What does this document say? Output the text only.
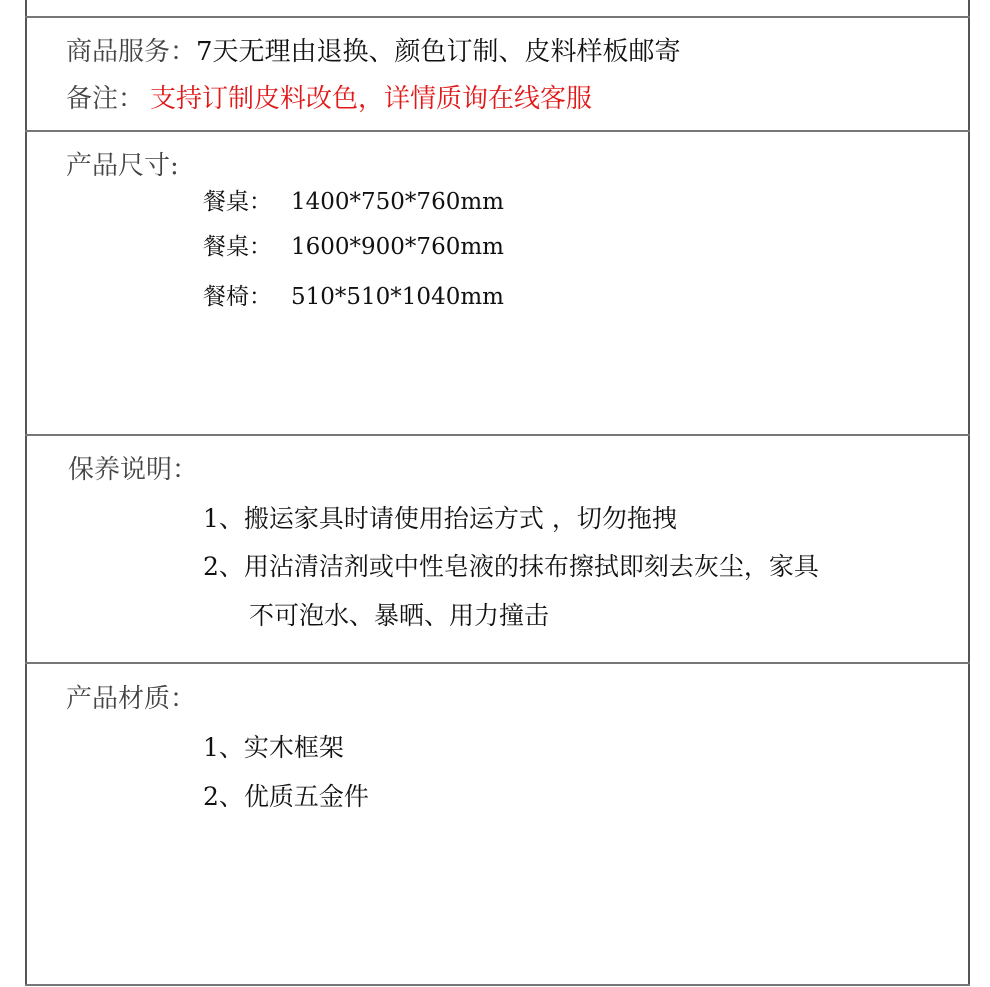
商品服务： 7天无理由退换、颜色订制、皮料样板邮寄
备注： 支持订制皮料改色，详情质询在线客服
产品尺寸:
餐桌： 1400*750*760mm
餐桌： 1600*900*760mm
餐椅： 510*510*1040mm
保养说明：
1、搬运家具时请使用抬运方式 ，切勿拖拽
2、用沾清洁剂或中性皂液的抹布擦拭即刻去灰尘，家具
不可泡水、暴晒、用力撞击
产品材质：
1、实木框架
2、优质五金件
